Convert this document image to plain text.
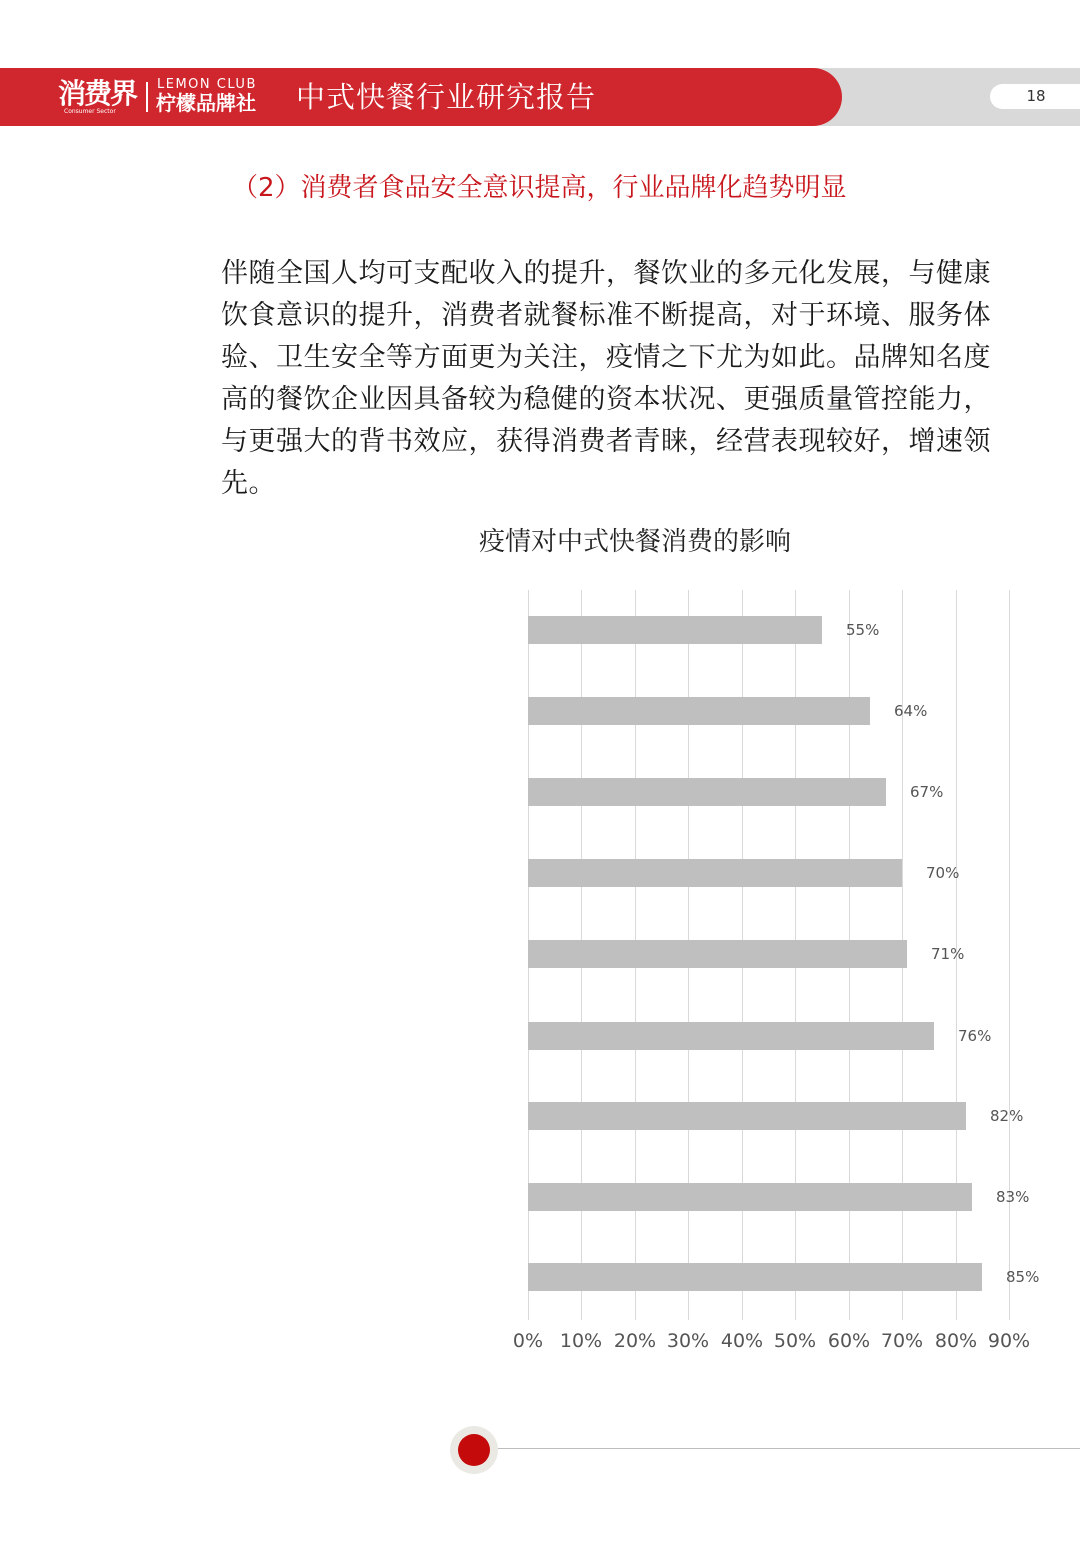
消费界
Consumer Sector
LEMON CLUB
柠檬品牌社 中式快餐行业研究报告	18
（2）消费者食品安全意识提高，行业品牌化趋势明显
伴随全国人均可支配收入的提升，餐饮业的多元化发展，与健康饮食意识的提升，消费者就餐标准不断提高，对于环境、服务体验、卫生安全等方面更为关注，疫情之下尤为如此。品牌知名度高的餐饮企业因具备较为稳健的资本状况、更强质量管控能力，与更强大的背书效应，获得消费者青睐，经营表现较好，增速领先。
疫情对中式快餐消费的影响
0% 10% 20% 30% 40% 50% 60% 70% 80% 90%
55%
64%
67%
70%
71%
76%
82%
83%
85%
